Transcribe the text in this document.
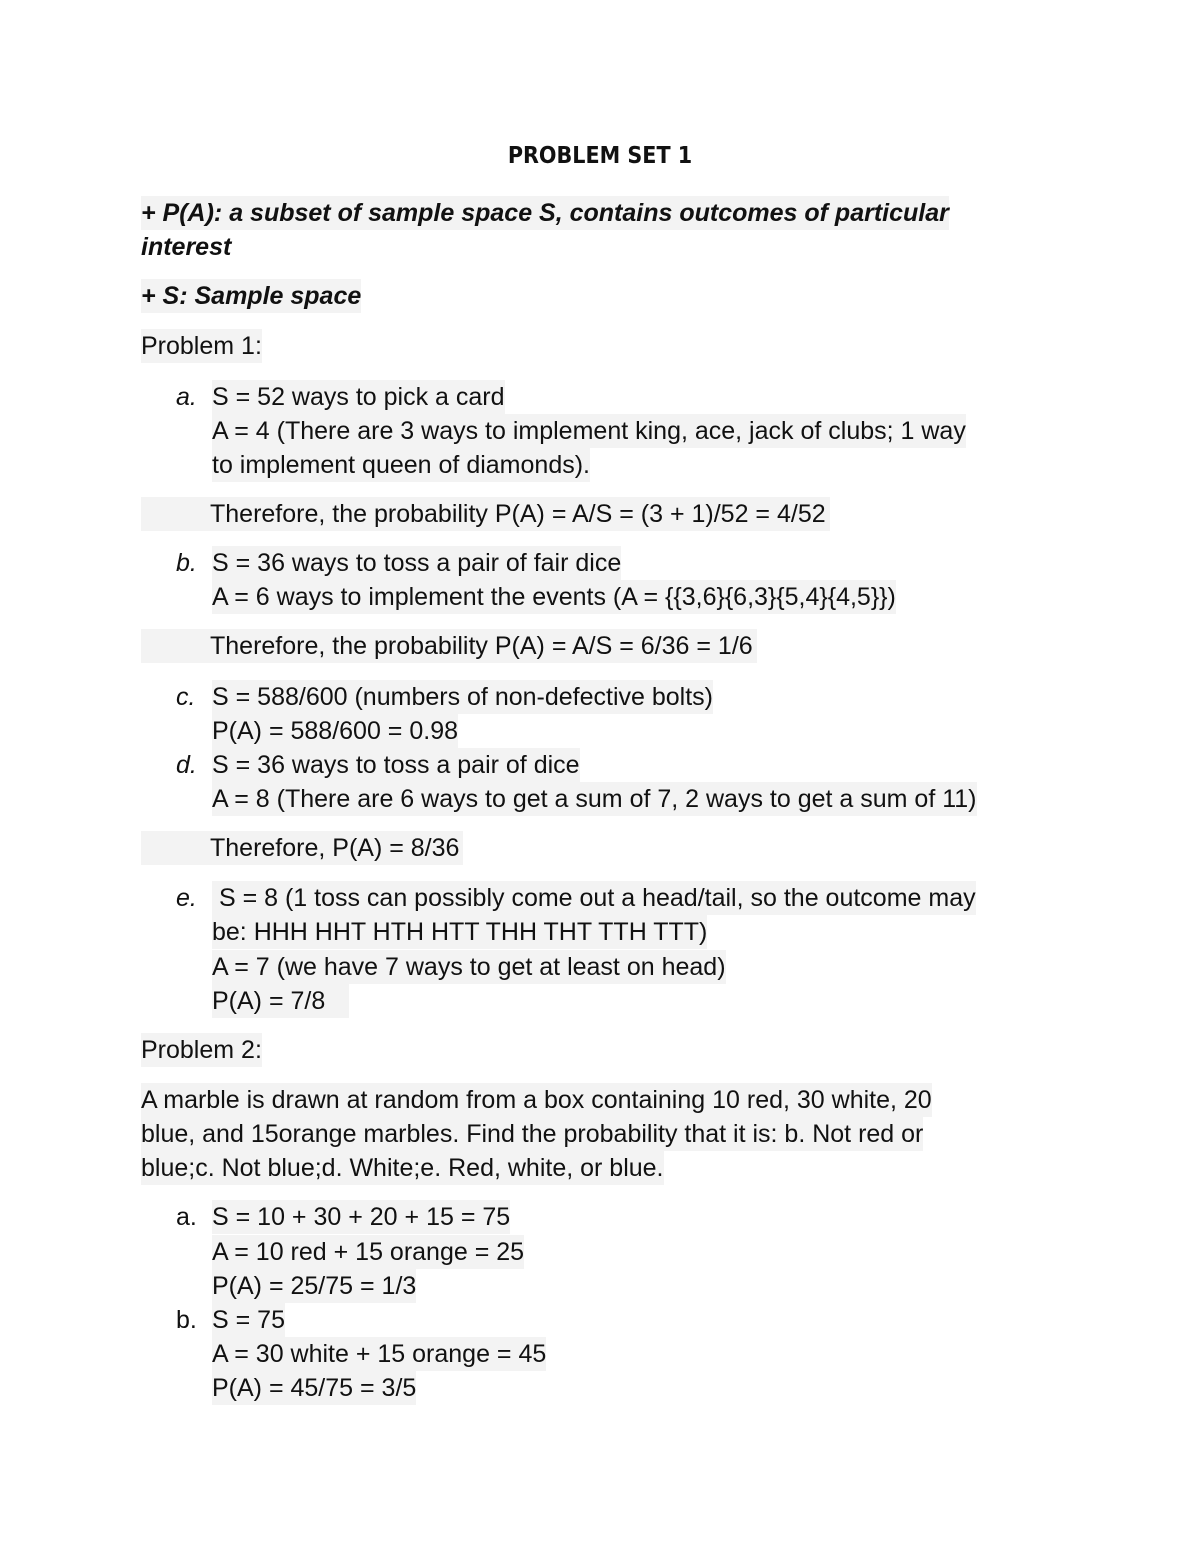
PROBLEM SET 1
+ P(A): a subset of sample space S, contains outcomes of particular
interest
+ S: Sample space
Problem 1:
a. S = 52 ways to pick a card
A = 4 (There are 3 ways to implement king, ace, jack of clubs; 1 way
to implement queen of diamonds).
Therefore, the probability P(A) = A/S = (3 + 1)/52 = 4/52
b. S = 36 ways to toss a pair of fair dice
A = 6 ways to implement the events (A = {{3,6}{6,3}{5,4}{4,5}})
Therefore, the probability P(A) = A/S = 6/36 = 1/6
c. S = 588/600 (numbers of non-defective bolts)
P(A) = 588/600 = 0.98
d. S = 36 ways to toss a pair of dice
A = 8 (There are 6 ways to get a sum of 7, 2 ways to get a sum of 11)
Therefore, P(A) = 8/36
e. S = 8 (1 toss can possibly come out a head/tail, so the outcome may
be: HHH HHT HTH HTT THH THT TTH TTT)
A = 7 (we have 7 ways to get at least on head)
P(A) = 7/8
Problem 2:
A marble is drawn at random from a box containing 10 red, 30 white, 20
blue, and 15orange marbles. Find the probability that it is: b. Not red or
blue;c. Not blue;d. White;e. Red, white, or blue.
a. S = 10 + 30 + 20 + 15 = 75
A = 10 red + 15 orange = 25
P(A) = 25/75 = 1/3
b. S = 75
A = 30 white + 15 orange = 45
P(A) = 45/75 = 3/5
